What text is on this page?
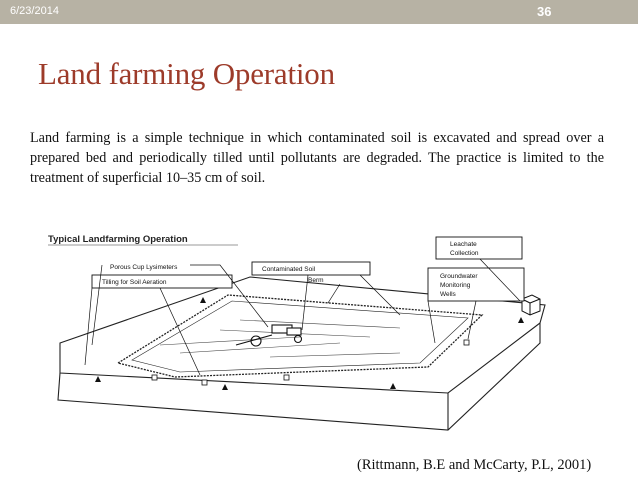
6/23/2014	36
Land farming Operation
Land farming is a simple technique in which contaminated soil is excavated and spread over a prepared bed and periodically tilled until pollutants are degraded. The practice is limited to the treatment of superficial 10–35 cm of soil.
Typical Landfarming Operation
Porous Cup Lysimeters
Tilling for Soil Aeration
Contaminated Soil
Berm
Leachate
Collection
Groundwater
Monitoring
Wells
(Rittmann, B.E and McCarty, P.L, 2001)
